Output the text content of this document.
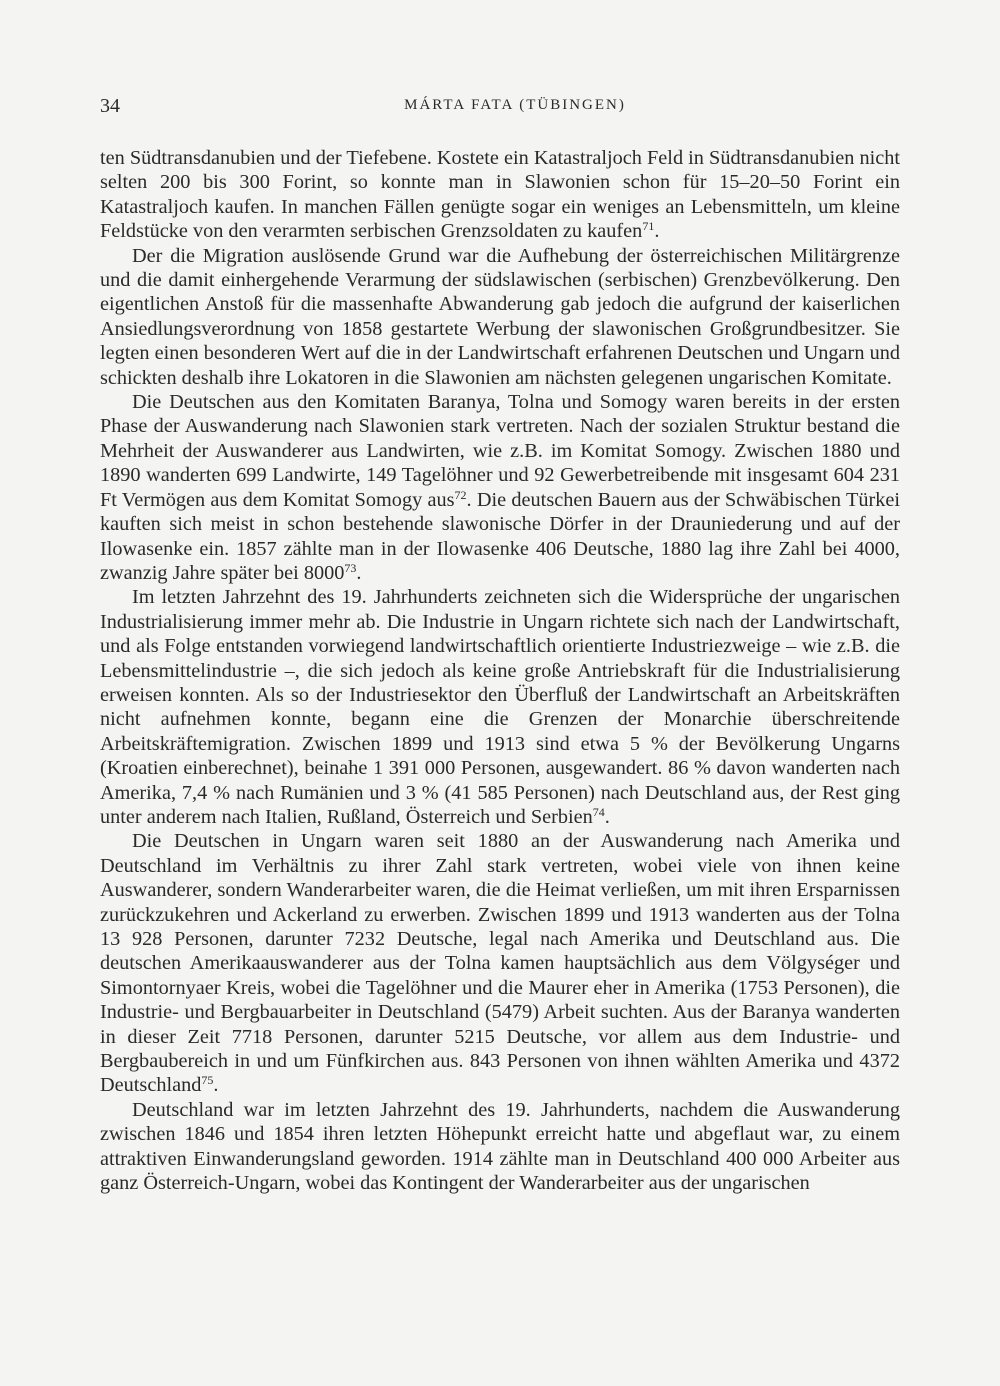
34	MÁRTA FATA (TÜBINGEN)

ten Südtransdanubien und der Tiefebene. Kostete ein Katastraljoch Feld in Südtransdanubien nicht selten 200 bis 300 Forint, so konnte man in Slawonien schon für 15–20–50 Forint ein Katastraljoch kaufen. In manchen Fällen genügte sogar ein weniges an Lebensmitteln, um kleine Feldstücke von den verarmten serbischen Grenzsoldaten zu kaufen$^{71}$.

Der die Migration auslösende Grund war die Aufhebung der österreichischen Militärgrenze und die damit einhergehende Verarmung der südslawischen (serbischen) Grenzbevölkerung. Den eigentlichen Anstoß für die massenhafte Abwanderung gab jedoch die aufgrund der kaiserlichen Ansiedlungsverordnung von 1858 gestartete Werbung der slawonischen Großgrundbesitzer. Sie legten einen besonderen Wert auf die in der Landwirtschaft erfahrenen Deutschen und Ungarn und schickten deshalb ihre Lokatoren in die Slawonien am nächsten gelegenen ungarischen Komitate.

Die Deutschen aus den Komitaten Baranya, Tolna und Somogy waren bereits in der ersten Phase der Auswanderung nach Slawonien stark vertreten. Nach der sozialen Struktur bestand die Mehrheit der Auswanderer aus Landwirten, wie z.B. im Komitat Somogy. Zwischen 1880 und 1890 wanderten 699 Landwirte, 149 Tagelöhner und 92 Gewerbetreibende mit insgesamt 604 231 Ft Vermögen aus dem Komitat Somogy aus$^{72}$. Die deutschen Bauern aus der Schwäbischen Türkei kauften sich meist in schon bestehende slawonische Dörfer in der Drauniederung und auf der Ilowasenke ein. 1857 zählte man in der Ilowasenke 406 Deutsche, 1880 lag ihre Zahl bei 4000, zwanzig Jahre später bei 8000$^{73}$.

Im letzten Jahrzehnt des 19. Jahrhunderts zeichneten sich die Widersprüche der ungarischen Industrialisierung immer mehr ab. Die Industrie in Ungarn richtete sich nach der Landwirtschaft, und als Folge entstanden vorwiegend landwirtschaftlich orientierte Industriezweige – wie z.B. die Lebensmittelindustrie –, die sich jedoch als keine große Antriebskraft für die Industrialisierung erweisen konnten. Als so der Industriesektor den Überfluß der Landwirtschaft an Arbeitskräften nicht aufnehmen konnte, begann eine die Grenzen der Monarchie überschreitende Arbeitskräftemigration. Zwischen 1899 und 1913 sind etwa 5 % der Bevölkerung Ungarns (Kroatien einberechnet), beinahe 1 391 000 Personen, ausgewandert. 86 % davon wanderten nach Amerika, 7,4 % nach Rumänien und 3 % (41 585 Personen) nach Deutschland aus, der Rest ging unter anderem nach Italien, Rußland, Österreich und Serbien$^{74}$.

Die Deutschen in Ungarn waren seit 1880 an der Auswanderung nach Amerika und Deutschland im Verhältnis zu ihrer Zahl stark vertreten, wobei viele von ihnen keine Auswanderer, sondern Wanderarbeiter waren, die die Heimat verließen, um mit ihren Ersparnissen zurückzukehren und Ackerland zu erwerben. Zwischen 1899 und 1913 wanderten aus der Tolna 13 928 Personen, darunter 7232 Deutsche, legal nach Amerika und Deutschland aus. Die deutschen Amerikaauswanderer aus der Tolna kamen hauptsächlich aus dem Völgységer und Simontornyaer Kreis, wobei die Tagelöhner und die Maurer eher in Amerika (1753 Personen), die Industrie- und Bergbauarbeiter in Deutschland (5479) Arbeit suchten. Aus der Baranya wanderten in dieser Zeit 7718 Personen, darunter 5215 Deutsche, vor allem aus dem Industrie- und Bergbaubereich in und um Fünfkirchen aus. 843 Personen von ihnen wählten Amerika und 4372 Deutschland$^{75}$.

Deutschland war im letzten Jahrzehnt des 19. Jahrhunderts, nachdem die Auswanderung zwischen 1846 und 1854 ihren letzten Höhepunkt erreicht hatte und abgeflaut war, zu einem attraktiven Einwanderungsland geworden. 1914 zählte man in Deutschland 400 000 Arbeiter aus ganz Österreich-Ungarn, wobei das Kontingent der Wanderarbeiter aus der ungarischen
